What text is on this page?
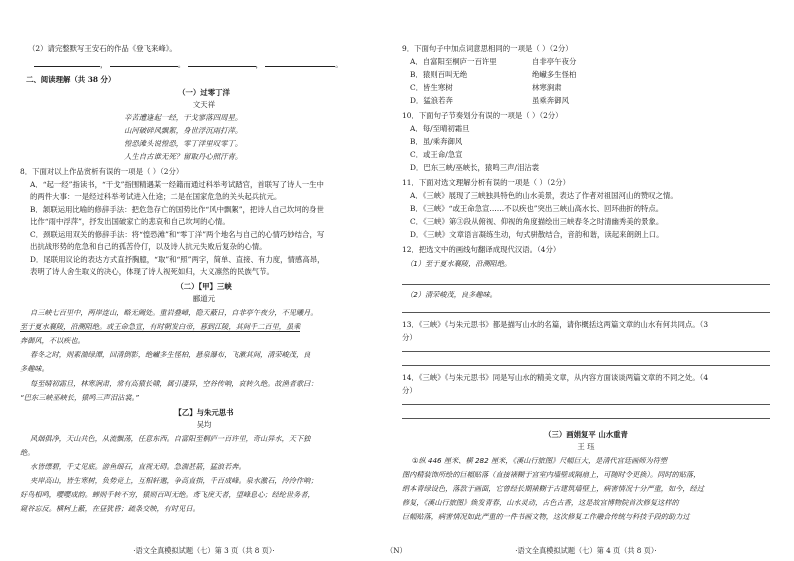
（2）请完整默写王安石的作品《登飞来峰》。
，	。	，	。
二、阅读理解（共 38 分）
（一）过零丁洋
文天祥
辛苦遭逢起一经，干戈寥落四周星。
山河破碎风飘絮，身世浮沉雨打萍。
惶恐滩头说惶恐，零丁洋里叹零丁。
人生自古谁无死？留取丹心照汗青。
8．下面对以上作品赏析有误的一项是（ ）（2分）
A．“起一经”指读书，“干戈”指围精遇某一经籍而通过科举考试踏官，首联写了诗人一生中
的两件大事：一是经过科举考试进入仕途；二是在国家危急的关头起兵抗元。
B．颔联运用比喻的修辞手法：把危急存亡的国势比作“风中飘絮”，把诗人自己坎坷的身世
比作“雨中浮萍”，抒发出国破家亡的悲哀和自己坎坷的心情。
C．颈联运用双关的修辞手法：将“惶恐滩”和“零丁洋”两个地名与自己的心情巧妙结合，写
出抗战形势的危急和自己的孤苦伶仃，以及诗人抗元失败后复杂的心情。
D．尾联用议论的表达方式直抒胸臆，“取”和“照”两字，简单、直接、有力度，情感高昂，
表明了诗人舍生取义的决心，体现了诗人视死如归，大义凛然的民族气节。
（二）【甲】三峡
郦道元
自三峡七百里中，两岸连山，略无阙处。重岩叠嶂，隐天蔽日，自非亭午夜分，不见曦月。
至于夏水襄陵，沿溯阻绝。或王命急宣，有时朝发白帝，暮到江陵，其间千二百里，虽乘
奔御风，不以疾也。
春冬之时，则素湍绿潭，回清倒影，绝𪩘多生怪柏，悬泉瀑布，飞漱其间，清荣峻茂，良
多趣味。
每至晴初霜旦，林寒涧肃，常有高猿长啸，属引凄异，空谷传响，哀转久绝。故渔者歌曰：
“巴东三峡巫峡长，猿鸣三声泪沾裳。”
【乙】与朱元思书
吴均
风烟俱净，天山共色，从流飘荡，任意东西。自富阳至桐庐一百许里，奇山异水，天下独
绝。
水皆缥碧，千丈见底。游鱼细石，直视无碍。急湍甚箭，猛浪若奔。
夹岸高山，皆生寒树，负势竞上，互相轩邈，争高直指，千百成峰。泉水激石，泠泠作响；
好鸟相鸣，嘤嘤成韵。蝉则千转不穷，猿则百叫无绝。鸢飞戾天者，望峰息心；经纶世务者，
窥谷忘反。横柯上蔽，在昼犹昏；疏条交映，有时见日。
·语文全真模拟试题（七）第 3 页（共 8 页）·	（N）
9．下面句子中加点词意思相同的一项是（ ）（2分）
A．自富阳至桐庐一百许里	自非亭午夜分
B．猿则百叫无绝	绝𪩘多生怪柏
C．皆生寒树	林寒涧肃
D．猛浪若奔	虽乘奔御风
10．下面句子节奏划分有误的一项是（ ）（2分）
A．每/至晴初霜旦
B．虽/乘奔御风
C．或王命/急宣
D．巴东三峡/巫峡长，猿鸣三声/泪沾裳
11．下面对选文理解分析有误的一项是（ ）（2分）
A．《三峡》展现了三峡独具特色的山水美景，表达了作者对祖国河山的赞叹之情。
B．《三峡》“或王命急宣……不以疾也”突出三峡山高水长、回环曲折的特点。
C．《三峡》第③段从俯视、仰视的角度描绘出三峡春冬之时清幽秀美的景象。
D．《三峡》文章语言凝练生动，句式骈散结合，音韵和谐，读起来朗朗上口。
12．把选文中的画线句翻译成现代汉语。（4分）
（1）至于夏水襄陵，沿溯阻绝。
（2）清荣峻茂，良多趣味。
13．《三峡》《与朱元思书》都是描写山水的名篇，请你概括这两篇文章的山水有何共同点。（3
分）
14．《三峡》《与朱元思书》同是写山水的精美文章，从内容方面谈谈两篇文章的不同之处。（4
分）
（三）画娟复平 山水重青
王 珏
①纵 446 厘米、横 282 厘米，《溪山行旅图》尺幅巨大，是清代宫廷画师为符塑
图内精装饰所绘的巨幅贴落（直接裱糊于宫室内墙壁或隔扇上，可随时令更换）。同时的贴落，
绢本青绿设色，落款于画面，它曾经长期裱糊于古建筑墙壁上，病害情况十分严重，如今，经过
修复，《溪山行旅图》焕发青春，山水灵动，古色古香，这是故宫博物院首次修复这样的
巨幅贴落，病害情况如此严重的一件书画文物，这次修复工作融合传统与科技手段的助力过
·语文全真模拟试题（七）第 4 页（共 8 页）·
